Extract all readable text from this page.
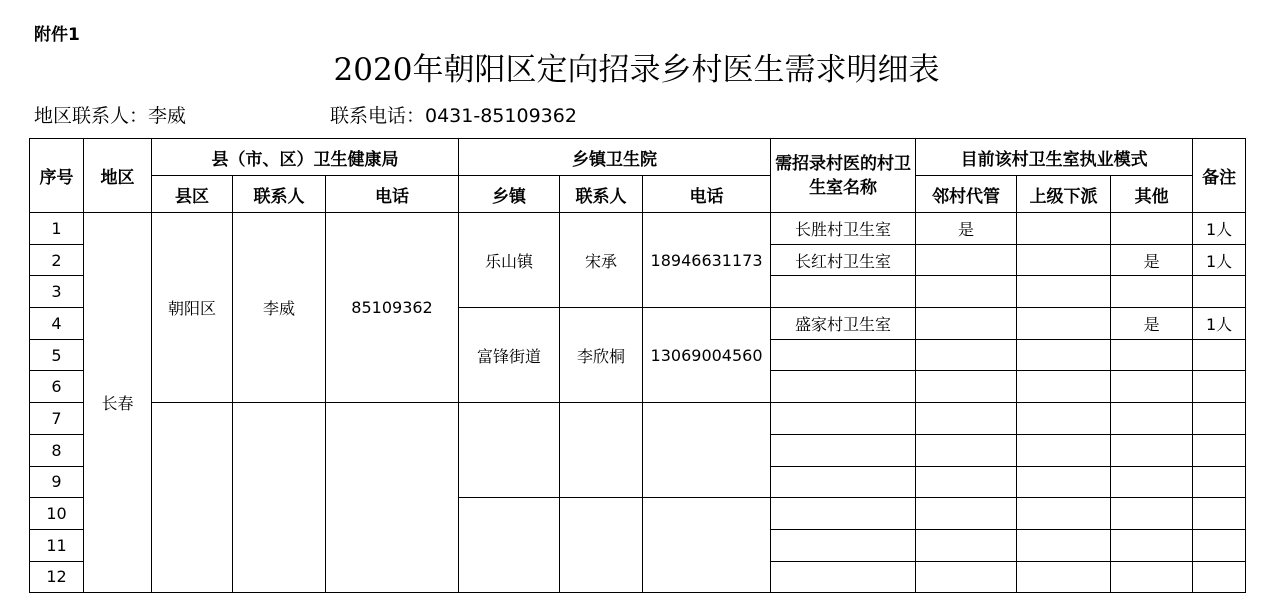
附件1
2020年朝阳区定向招录乡村医生需求明细表
地区联系人：李威	联系电话：0431-85109362
序号	地区	县（市、区）卫生健康局			乡镇卫生院			需招录村医的村卫生室名称	目前该村卫生室执业模式			备注
		县区	联系人	电话	乡镇	联系人	电话		邻村代管	上级下派	其他	
1	长春	朝阳区	李威	85109362	乐山镇	宋承	18946631173	长胜村卫生室	是			1人
2								长红村卫生室			是	1人
3												
4					富锋街道	李欣桐	13069004560	盛家村卫生室			是	1人
5												
6												
7												
8												
9												
10												
11												
12												
